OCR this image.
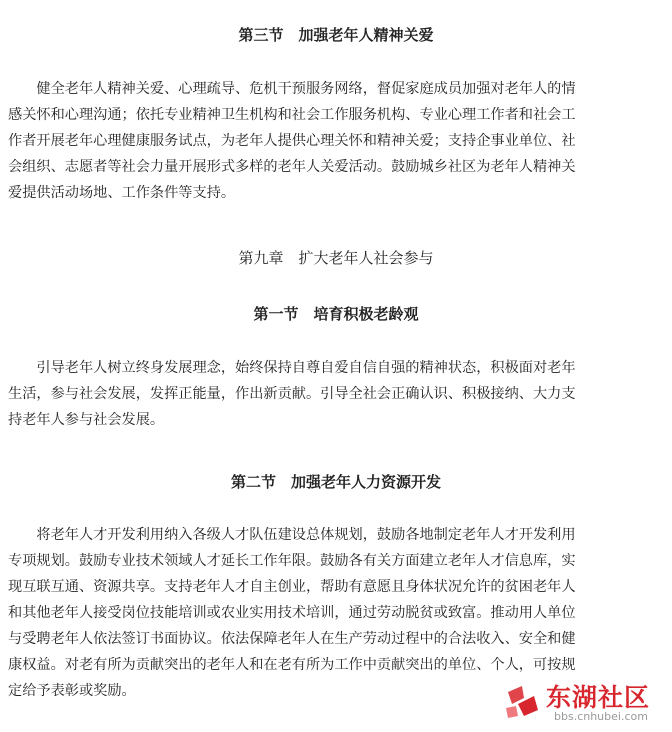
第三节　加强老年人精神关爱

　　健全老年人精神关爱、心理疏导、危机干预服务网络，督促家庭成员加强对老年人的情

感关怀和心理沟通；依托专业精神卫生机构和社会工作服务机构、专业心理工作者和社会工

作者开展老年心理健康服务试点，为老年人提供心理关怀和精神关爱；支持企事业单位、社

会组织、志愿者等社会力量开展形式多样的老年人关爱活动。鼓励城乡社区为老年人精神关

爱提供活动场地、工作条件等支持。

第九章　扩大老年人社会参与
第一节　培育积极老龄观

　　引导老年人树立终身发展理念，始终保持自尊自爱自信自强的精神状态，积极面对老年

生活，参与社会发展，发挥正能量，作出新贡献。引导全社会正确认识、积极接纳、大力支

持老年人参与社会发展。

第二节　加强老年人力资源开发

　　将老年人才开发利用纳入各级人才队伍建设总体规划，鼓励各地制定老年人才开发利用

专项规划。鼓励专业技术领域人才延长工作年限。鼓励各有关方面建立老年人才信息库，实

现互联互通、资源共享。支持老年人才自主创业，帮助有意愿且身体状况允许的贫困老年人

和其他老年人接受岗位技能培训或农业实用技术培训，通过劳动脱贫或致富。推动用人单位

与受聘老年人依法签订书面协议。依法保障老年人在生产劳动过程中的合法收入、安全和健

康权益。对老有所为贡献突出的老年人和在老有所为工作中贡献突出的单位、个人，可按规

定给予表彰或奖励。	东湖社区
bbs.cnhubei.com
